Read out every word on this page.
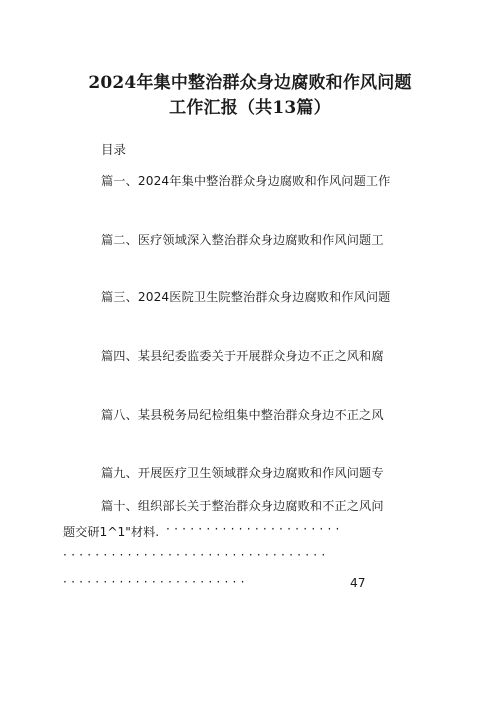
2024年集中整治群众身边腐败和作风问题
工作汇报（共13篇）
目录
篇一、2024年集中整治群众身边腐败和作风问题工作
篇二、医疗领域深入整治群众身边腐败和作风问题工
篇三、2024医院卫生院整治群众身边腐败和作风问题
篇四、某县纪委监委关于开展群众身边不正之风和腐
篇八、某县税务局纪检组集中整治群众身边不正之风
篇九、开展医疗卫生领域群众身边腐败和作风问题专
篇十、组织部长关于整治群众身边腐败和不正之风问
题交研1^1"材料. ······················
·································
·······················	47
